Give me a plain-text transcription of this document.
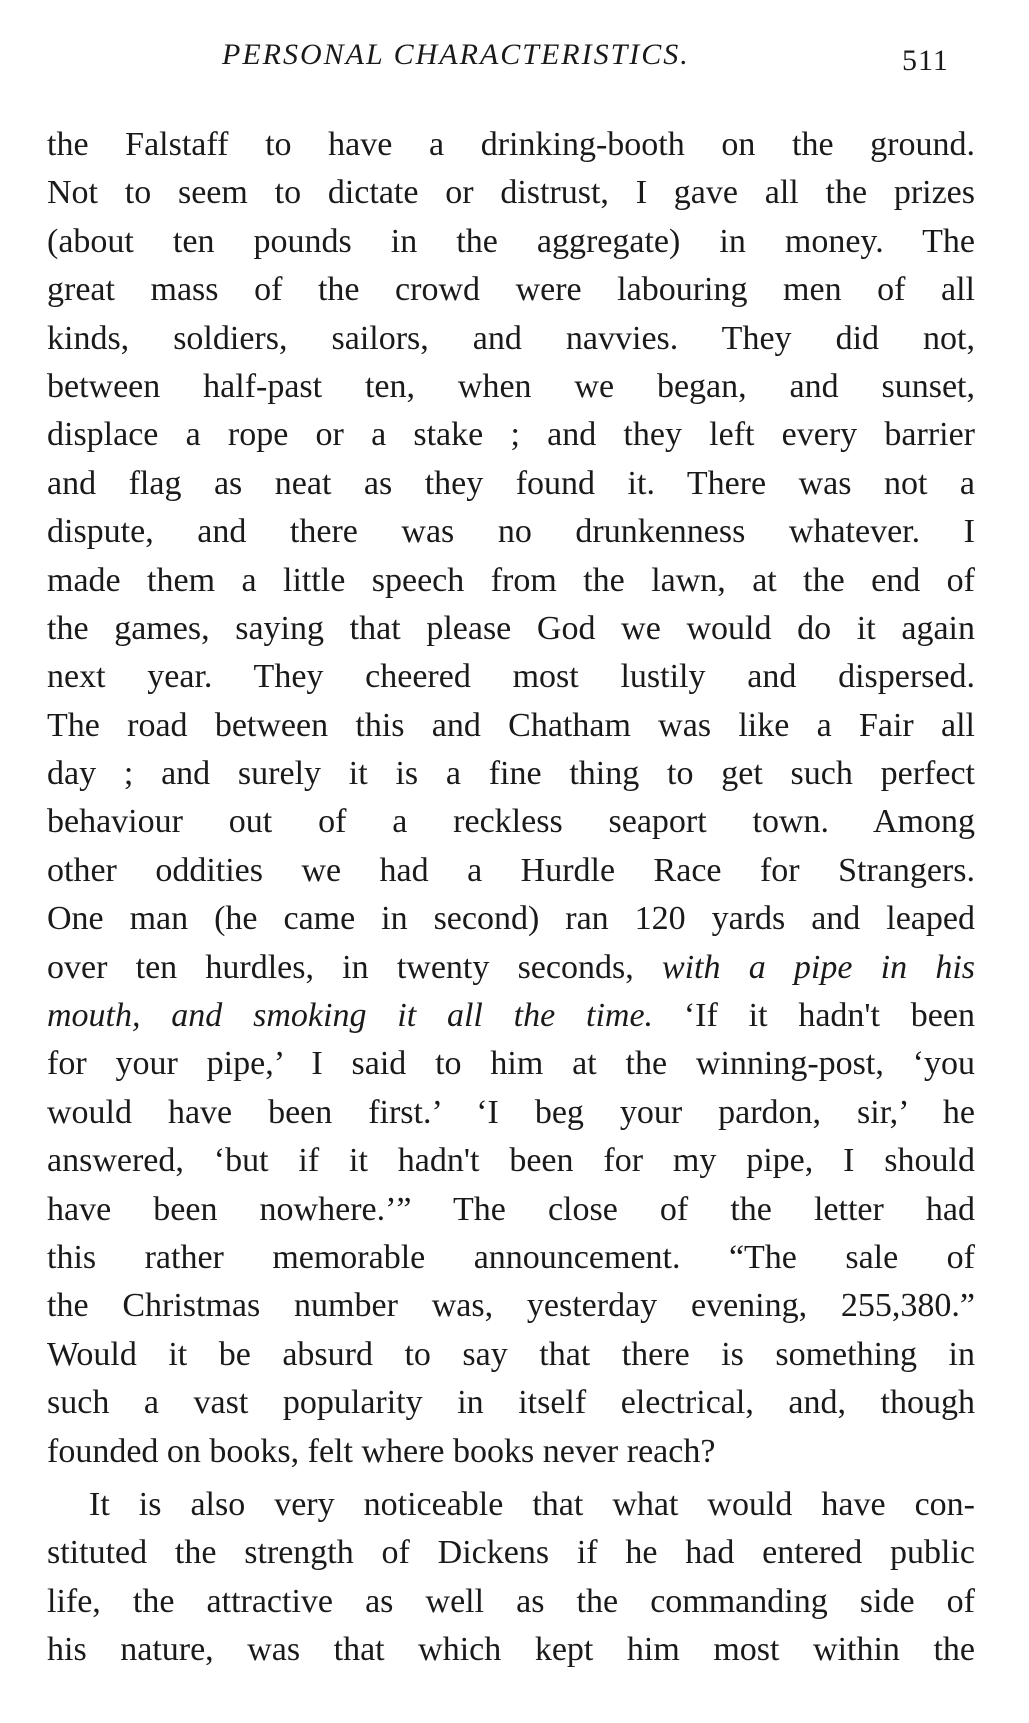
PERSONAL CHARACTERISTICS.	511
the Falstaff to have a drinking-booth on the ground.
Not to seem to dictate or distrust, I gave all the prizes
(about ten pounds in the aggregate) in money. The
great mass of the crowd were labouring men of all
kinds, soldiers, sailors, and navvies. They did not,
between half-past ten, when we began, and sunset,
displace a rope or a stake ; and they left every barrier
and flag as neat as they found it. There was not a
dispute, and there was no drunkenness whatever. I
made them a little speech from the lawn, at the end of
the games, saying that please God we would do it again
next year. They cheered most lustily and dispersed.
The road between this and Chatham was like a Fair all
day ; and surely it is a fine thing to get such perfect
behaviour out of a reckless seaport town. Among
other oddities we had a Hurdle Race for Strangers.
One man (he came in second) ran 120 yards and leaped
over ten hurdles, in twenty seconds, with a pipe in his
mouth, and smoking it all the time. ‘If it hadn't been
for your pipe,’ I said to him at the winning-post, ‘you
would have been first.’ ‘I beg your pardon, sir,’ he
answered, ‘but if it hadn't been for my pipe, I should
have been nowhere.’” The close of the letter had
this rather memorable announcement. “The sale of
the Christmas number was, yesterday evening, 255,380.”
Would it be absurd to say that there is something in
such a vast popularity in itself electrical, and, though
founded on books, felt where books never reach?
It is also very noticeable that what would have con-
stituted the strength of Dickens if he had entered public
life, the attractive as well as the commanding side of
his nature, was that which kept him most within the
